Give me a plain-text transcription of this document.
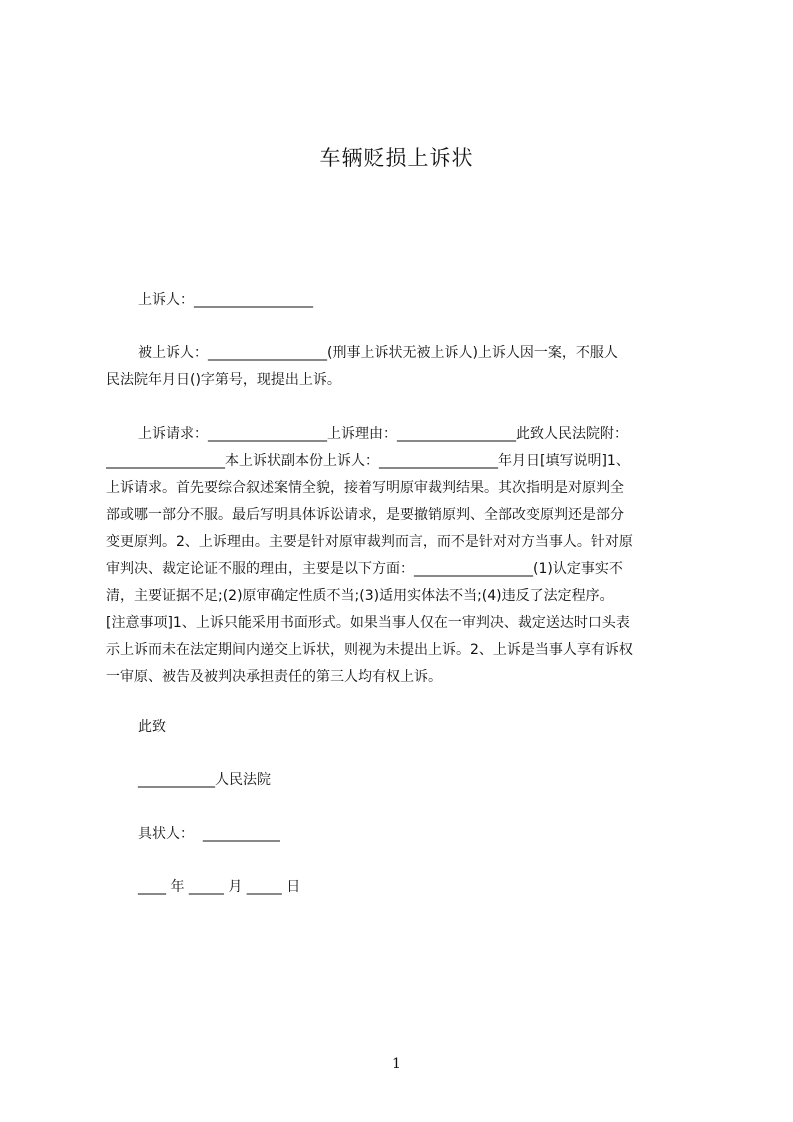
车辆贬损上诉状
上诉人：_________________
被上诉人：_________________(刑事上诉状无被上诉人)上诉人因一案，不服人
民法院年月日()字第号，现提出上诉。
上诉请求：_________________上诉理由：_________________此致人民法院附：
_________________本上诉状副本份上诉人：_________________年月日[填写说明]1、
上诉请求。首先要综合叙述案情全貌，接着写明原审裁判结果。其次指明是对原判全
部或哪一部分不服。最后写明具体诉讼请求，是要撤销原判、全部改变原判还是部分
变更原判。2、上诉理由。主要是针对原审裁判而言，而不是针对对方当事人。针对原
审判决、裁定论证不服的理由，主要是以下方面：_________________(1)认定事实不
清，主要证据不足;(2)原审确定性质不当;(3)适用实体法不当;(4)违反了法定程序。
[注意事项]1、上诉只能采用书面形式。如果当事人仅在一审判决、裁定送达时口头表
示上诉而未在法定期间内递交上诉状，则视为未提出上诉。2、上诉是当事人享有诉权
一审原、被告及被判决承担责任的第三人均有权上诉。
此致
___________人民法院
具状人：  ___________
____ 年 _____ 月 _____ 日
1
